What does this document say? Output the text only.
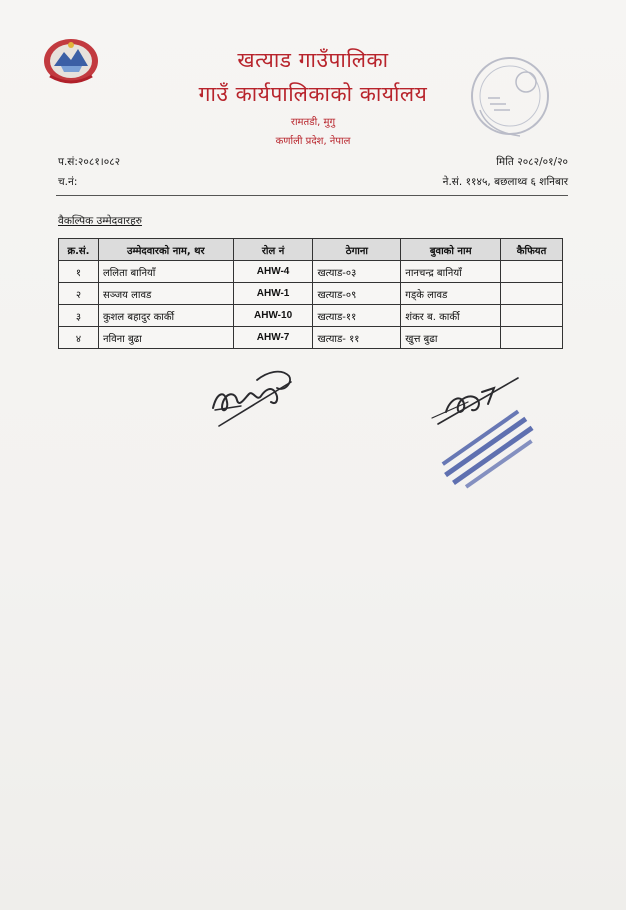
खत्याड गाउँपालिका
गाउँ कार्यपालिकाको कार्यालय
रामतडी, मुगु
कर्णाली प्रदेश, नेपाल
प.सं:२०८१।०८२
च.नं:
मिति २०८२/०१/२०
ने.सं. ११४५, बछलाथ्व ६ शनिबार
वैकल्पिक उम्मेदवारहरु
क्र.सं.	उम्मेदवारको नाम, थर	रोल नं	ठेगाना	बुवाको नाम	कैफियत
१	ललिता बानियाँ	AHW-4	खत्याड-०३	नानचन्द्र बानियाँ	
२	सञ्जय लावड	AHW-1	खत्याड-०९	गड्के लावड	
३	कुशल बहादुर कार्की	AHW-10	खत्याड-११	शंकर ब. कार्की	
४	नविना बुढा	AHW-7	खत्याड- ११	खुत्त बुढा	
